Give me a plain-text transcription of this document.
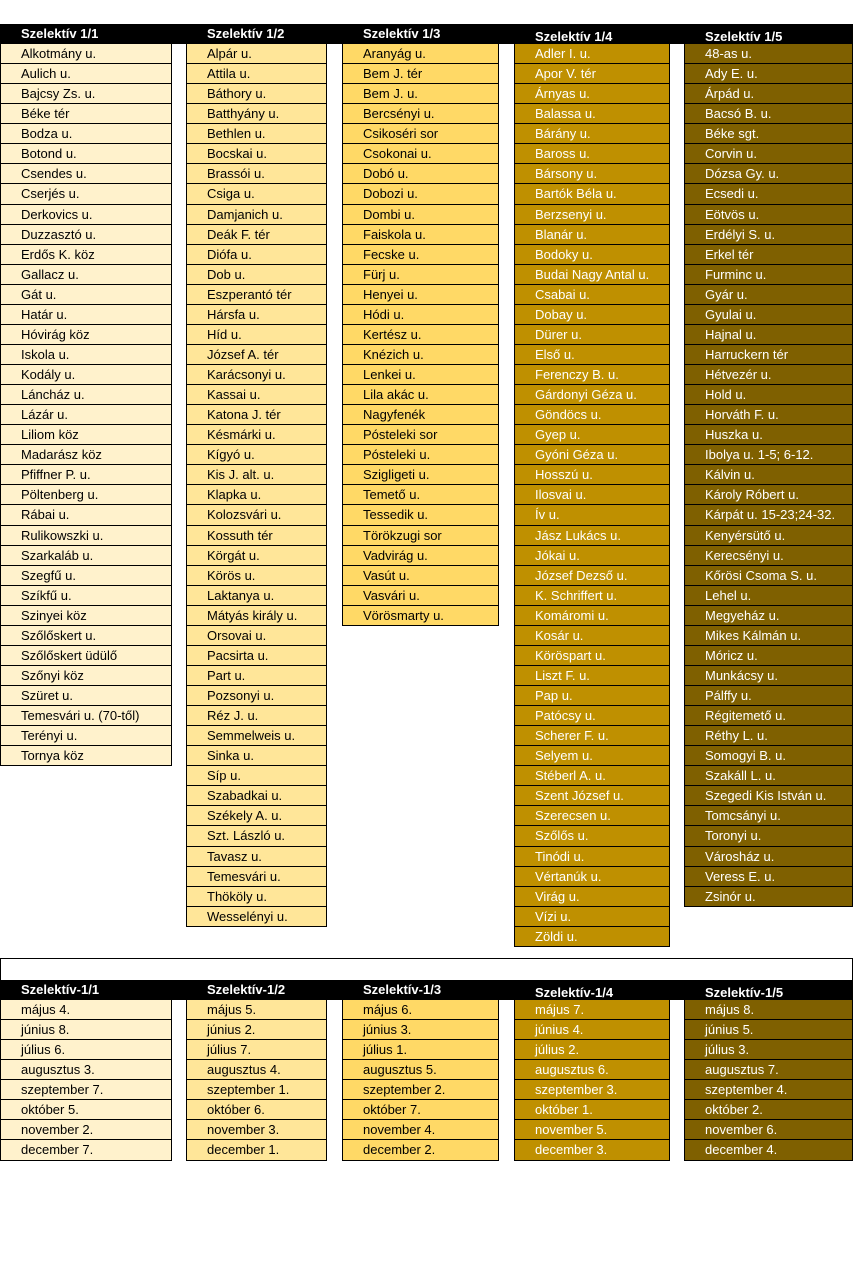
Szelektív 1/1
Alkotmány u.
Aulich u.
Bajcsy Zs. u.
Béke tér
Bodza u.
Botond u.
Csendes u.
Cserjés u.
Derkovics u.
Duzzasztó u.
Erdős K. köz
Gallacz u.
Gát u.
Határ u.
Hóvirág köz
Iskola u.
Kodály u.
Láncház u.
Lázár u.
Liliom köz
Madarász köz
Pfiffner P. u.
Pöltenberg u.
Rábai u.
Rulikowszki u.
Szarkaláb u.
Szegfű u.
Szíkfű u.
Szinyei köz
Szőlőskert u.
Szőlőskert üdülő
Szőnyi köz
Szüret u.
Temesvári u. (70-től)
Terényi u.
Tornya köz
Szelektív 1/2
Alpár u.
Attila u.
Báthory u.
Batthyány u.
Bethlen u.
Bocskai u.
Brassói u.
Csiga u.
Damjanich u.
Deák F. tér
Diófa u.
Dob u.
Eszperantó tér
Hársfa u.
Híd u.
József A. tér
Karácsonyi u.
Kassai u.
Katona J. tér
Késmárki u.
Kígyó u.
Kis J. alt. u.
Klapka u.
Kolozsvári u.
Kossuth tér
Körgát u.
Körös u.
Laktanya u.
Mátyás király u.
Orsovai u.
Pacsirta u.
Part u.
Pozsonyi u.
Réz J. u.
Semmelweis u.
Sinka u.
Síp u.
Szabadkai u.
Székely A. u.
Szt. László u.
Tavasz u.
Temesvári u.
Thököly u.
Wesselényi u.
Szelektív 1/3
Aranyág u.
Bem J. tér
Bem J. u.
Bercsényi u.
Csikoséri sor
Csokonai u.
Dobó u.
Dobozi u.
Dombi u.
Faiskola u.
Fecske u.
Fürj u.
Henyei u.
Hódi u.
Kertész u.
Knézich u.
Lenkei u.
Lila akác u.
Nagyfenék
Pósteleki sor
Pósteleki u.
Szigligeti u.
Temető u.
Tessedik u.
Törökzugi sor
Vadvirág u.
Vasút u.
Vasvári u.
Vörösmarty u.
Szelektív 1/4
Adler I. u.
Apor V. tér
Árnyas u.
Balassa u.
Bárány u.
Baross u.
Bársony u.
Bartók Béla u.
Berzsenyi u.
Blanár u.
Bodoky u.
Budai Nagy Antal u.
Csabai u.
Dobay u.
Dürer u.
Első u.
Ferenczy B. u.
Gárdonyi Géza u.
Göndöcs u.
Gyep u.
Gyóni Géza u.
Hosszú u.
Ilosvai u.
Ív u.
Jász Lukács u.
Jókai u.
József Dezső u.
K. Schriffert u.
Komáromi u.
Kosár u.
Köröspart u.
Liszt F. u.
Pap u.
Patócsy u.
Scherer F. u.
Selyem u.
Stéberl A. u.
Szent József u.
Szerecsen u.
Szőlős u.
Tinódi u.
Vértanúk u.
Virág u.
Vízi u.
Zöldi u.
Szelektív 1/5
48-as u.
Ady E. u.
Árpád u.
Bacsó B. u.
Béke sgt.
Corvin u.
Dózsa Gy. u.
Ecsedi u.
Eötvös u.
Erdélyi S. u.
Erkel tér
Furminc u.
Gyár u.
Gyulai u.
Hajnal u.
Harruckern tér
Hétvezér u.
Hold u.
Horváth F. u.
Huszka u.
Ibolya u. 1-5; 6-12.
Kálvin u.
Károly Róbert u.
Kárpát u. 15-23;24-32.
Kenyérsütő u.
Kerecsényi u.
Kőrösi Csoma S. u.
Lehel u.
Megyeház u.
Mikes Kálmán u.
Móricz u.
Munkácsy u.
Pálffy u.
Régitemető u.
Réthy L. u.
Somogyi B. u.
Szakáll L. u.
Szegedi Kis István u.
Tomcsányi u.
Toronyi u.
Városház u.
Veress E. u.
Zsinór u.
Szelektív-1/1
május 4.
június 8.
július 6.
augusztus 3.
szeptember 7.
október 5.
november 2.
december 7.
Szelektív-1/2
május 5.
június 2.
július 7.
augusztus 4.
szeptember 1.
október 6.
november 3.
december 1.
Szelektív-1/3
május 6.
június 3.
július 1.
augusztus 5.
szeptember 2.
október 7.
november 4.
december 2.
Szelektív-1/4
május 7.
június 4.
július 2.
augusztus 6.
szeptember 3.
október 1.
november 5.
december 3.
Szelektív-1/5
május 8.
június 5.
július 3.
augusztus 7.
szeptember 4.
október 2.
november 6.
december 4.
